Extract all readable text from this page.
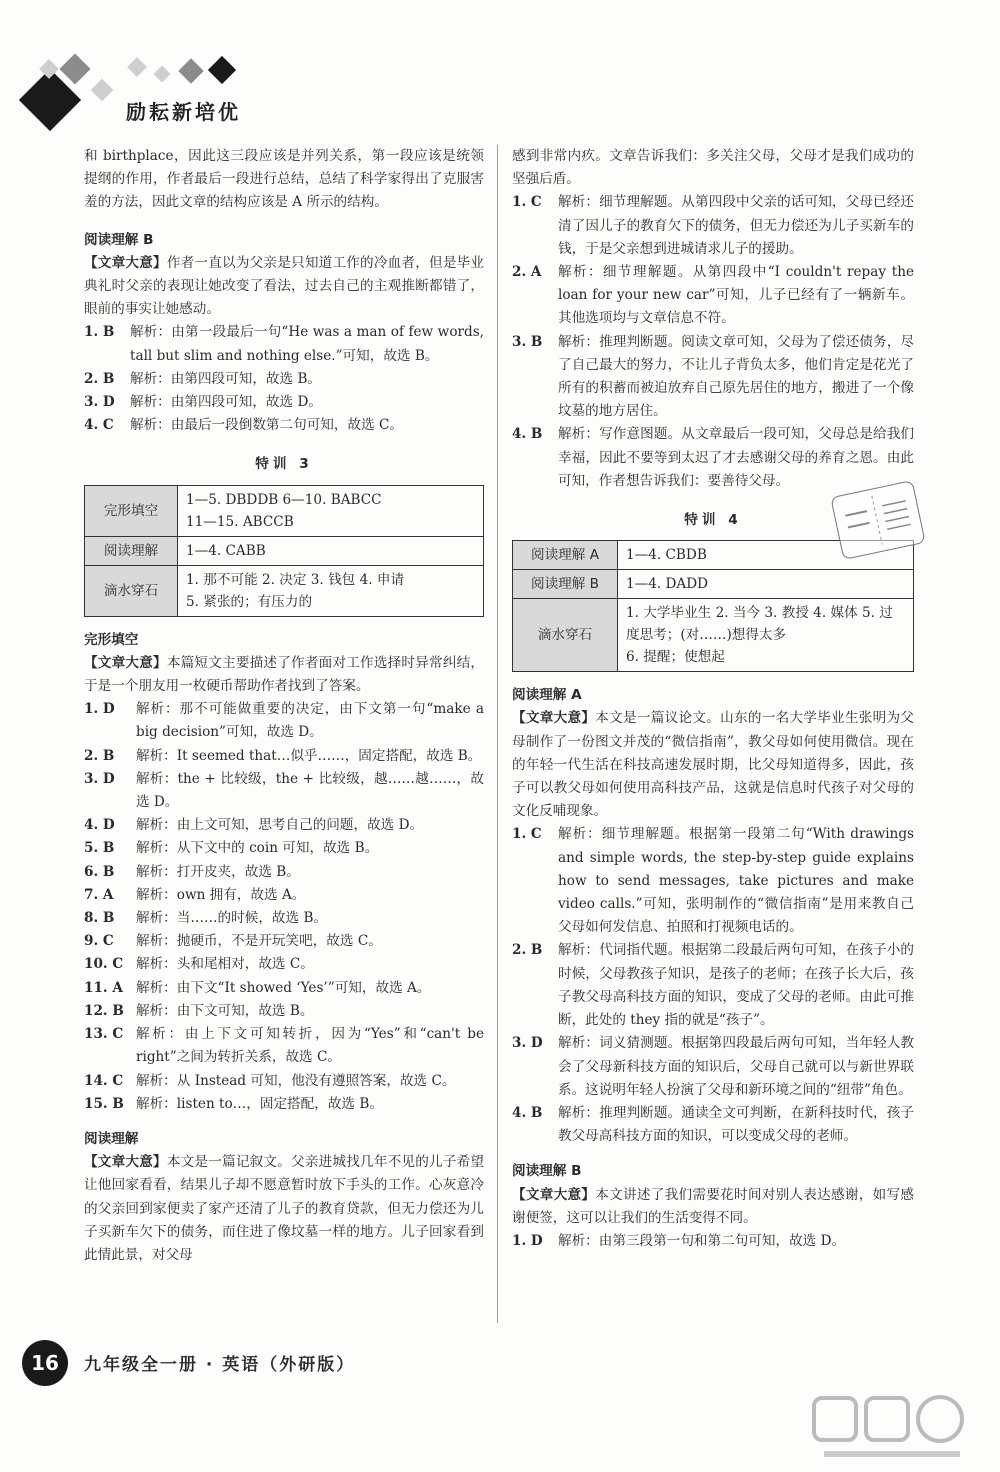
励耘新培优

和 birthplace，因此这三段应该是并列关系，第一段应该是统领提纲的作用，作者最后一段进行总结，总结了科学家得出了克服害羞的方法，因此文章的结构应该是 A 所示的结构。

阅读理解 B

【文章大意】作者一直以为父亲是只知道工作的冷血者，但是毕业典礼时父亲的表现让她改变了看法，过去自己的主观推断都错了，眼前的事实让她感动。

1. B	解析：由第一段最后一句“He was a man of few words, tall but slim and nothing else.”可知，故选 B。
2. B	解析：由第四段可知，故选 B。
3. D	解析：由第四段可知，故选 D。
4. C	解析：由最后一段倒数第二句可知，故选 C。
特训 3
完形填空	1—5. DBDDB 6—10. BABCC
11—15. ABCCB
阅读理解	1—4. CABB
滴水穿石	1. 那不可能 2. 决定 3. 钱包 4. 申请
5. 紧张的；有压力的
完形填空

【文章大意】本篇短文主要描述了作者面对工作选择时异常纠结，于是一个朋友用一枚硬币帮助作者找到了答案。

1. D	解析：那不可能做重要的决定，由下文第一句“make a big decision”可知，故选 D。
2. B	解析：It seemed that…似乎……，固定搭配，故选 B。
3. D	解析：the + 比较级，the + 比较级，越……越……，故选 D。
4. D	解析：由上文可知，思考自己的问题，故选 D。
5. B	解析：从下文中的 coin 可知，故选 B。
6. B	解析：打开皮夹，故选 B。
7. A	解析：own 拥有，故选 A。
8. B	解析：当……的时候，故选 B。
9. C	解析：抛硬币，不是开玩笑吧，故选 C。
10. C 解析：头和尾相对，故选 C。
11. A 解析：由下文“It showed ‘Yes’”可知，故选 A。
12. B 解析：由下文可知，故选 B。
13. C 解析：由上下文可知转折，因为“Yes”和“can't be right”之间为转折关系，故选 C。
14. C 解析：从 Instead 可知，他没有遵照答案，故选 C。
15. B 解析：listen to…，固定搭配，故选 B。
阅读理解

【文章大意】本文是一篇记叙文。父亲进城找几年不见的儿子希望让他回家看看，结果儿子却不愿意暂时放下手头的工作。心灰意冷的父亲回到家便卖了家产还清了儿子的教育贷款，但无力偿还为儿子买新车欠下的债务，而住进了像坟墓一样的地方。儿子回家看到此情此景，对父母

感到非常内疚。文章告诉我们：多关注父母，父母才是我们成功的坚强后盾。

1. C	解析：细节理解题。从第四段中父亲的话可知，父母已经还清了因儿子的教育欠下的债务，但无力偿还为儿子买新车的钱，于是父亲想到进城请求儿子的援助。
2. A	解析：细节理解题。从第四段中“I couldn't repay the loan for your new car”可知，儿子已经有了一辆新车。其他选项均与文章信息不符。
3. B	解析：推理判断题。阅读文章可知，父母为了偿还债务，尽了自己最大的努力，不让儿子背负太多，他们肯定是花光了所有的积蓄而被迫放弃自己原先居住的地方，搬进了一个像坟墓的地方居住。
4. B	解析：写作意图题。从文章最后一段可知，父母总是给我们幸福，因此不要等到太迟了才去感谢父母的养育之恩。由此可知，作者想告诉我们：要善待父母。
特训 4
阅读理解 A	1—4. CBDB
阅读理解 B	1—4. DADD
滴水穿石	1. 大学毕业生 2. 当今 3. 教授 4. 媒体 5. 过度思考；(对……)想得太多
6. 提醒；使想起
阅读理解 A

【文章大意】本文是一篇议论文。山东的一名大学毕业生张明为父母制作了一份图文并茂的“微信指南”，教父母如何使用微信。现在的年轻一代生活在科技高速发展时期，比父母知道得多，因此，孩子可以教父母如何使用高科技产品，这就是信息时代孩子对父母的文化反哺现象。

1. C	解析：细节理解题。根据第一段第二句“With drawings and simple words, the step-by-step guide explains how to send messages, take pictures and make video calls.”可知，张明制作的“微信指南”是用来教自己父母如何发信息、拍照和打视频电话的。
2. B	解析：代词指代题。根据第二段最后两句可知，在孩子小的时候，父母教孩子知识，是孩子的老师；在孩子长大后，孩子教父母高科技方面的知识，变成了父母的老师。由此可推断，此处的 they 指的就是“孩子”。
3. D	解析：词义猜测题。根据第四段最后两句可知，当年轻人教会了父母新科技方面的知识后，父母自己就可以与新世界联系。这说明年轻人扮演了父母和新环境之间的“纽带”角色。
4. B	解析：推理判断题。通读全文可判断，在新科技时代，孩子教父母高科技方面的知识，可以变成父母的老师。
阅读理解 B

【文章大意】本文讲述了我们需要花时间对别人表达感谢，如写感谢便签，这可以让我们的生活变得不同。

1. D	解析：由第三段第一句和第二句可知，故选 D。
16	九年级全一册 · 英语（外研版）
